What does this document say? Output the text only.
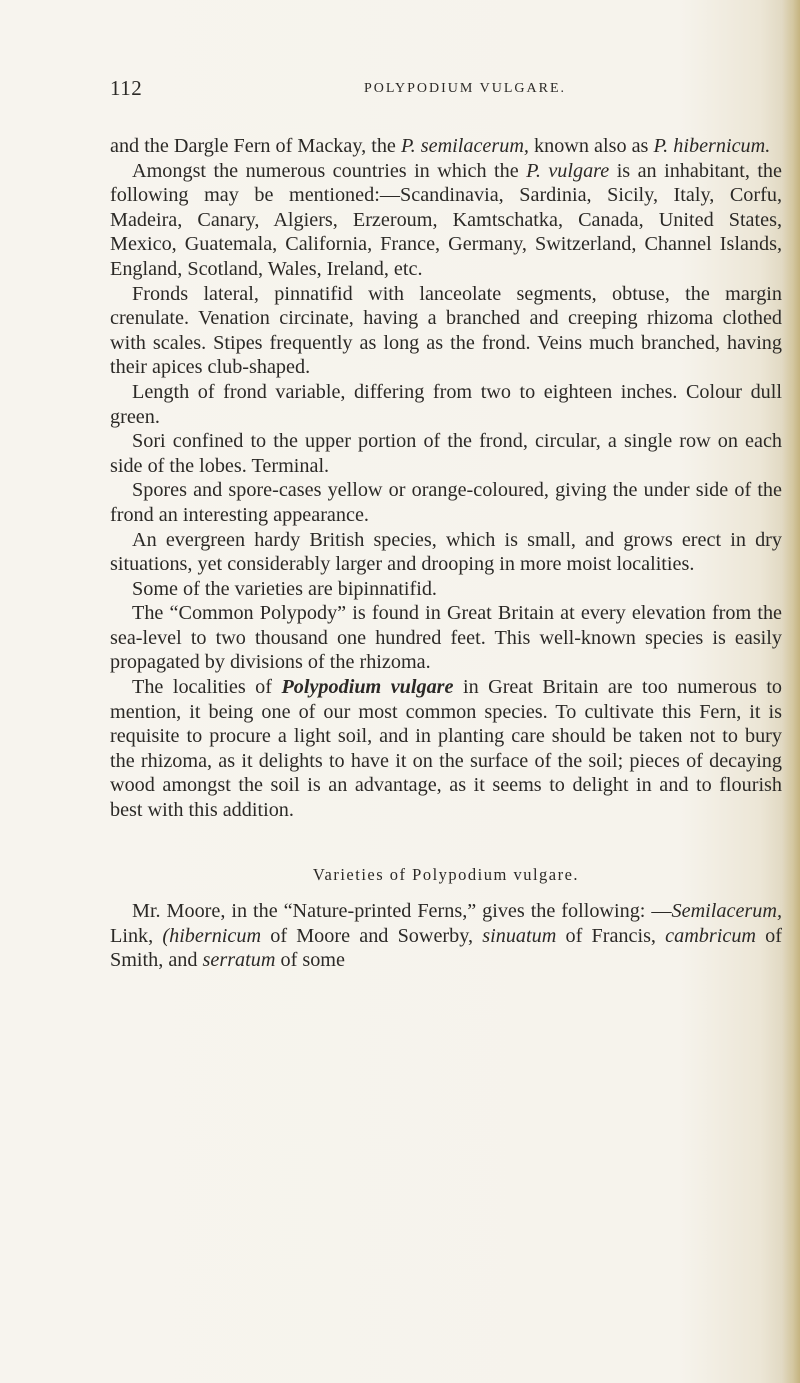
112	POLYPODIUM VULGARE.

and the Dargle Fern of Mackay, the P. semilacerum, known also as P. hibernicum.

Amongst the numerous countries in which the P. vulgare is an inhabitant, the following may be mentioned:—Scandinavia, Sardinia, Sicily, Italy, Corfu, Madeira, Canary, Algiers, Erzeroum, Kamtschatka, Canada, United States, Mexico, Guatemala, California, France, Germany, Switzerland, Channel Islands, England, Scotland, Wales, Ireland, etc.

Fronds lateral, pinnatifid with lanceolate segments, obtuse, the margin crenulate. Venation circinate, having a branched and creeping rhizoma clothed with scales. Stipes frequently as long as the frond. Veins much branched, having their apices club-shaped.

Length of frond variable, differing from two to eighteen inches. Colour dull green.

Sori confined to the upper portion of the frond, circular, a single row on each side of the lobes. Terminal.

Spores and spore-cases yellow or orange-coloured, giving the under side of the frond an interesting appearance.

An evergreen hardy British species, which is small, and grows erect in dry situations, yet considerably larger and drooping in more moist localities.

Some of the varieties are bipinnatifid.

The “Common Polypody” is found in Great Britain at every elevation from the sea-level to two thousand one hundred feet. This well-known species is easily propagated by divisions of the rhizoma.

The localities of Polypodium vulgare in Great Britain are too numerous to mention, it being one of our most common species. To cultivate this Fern, it is requisite to procure a light soil, and in planting care should be taken not to bury the rhizoma, as it delights to have it on the surface of the soil; pieces of decaying wood amongst the soil is an advantage, as it seems to delight in and to flourish best with this addition.

Varieties of Polypodium vulgare.

Mr. Moore, in the “Nature-printed Ferns,” gives the following: —Semilacerum, Link, (hibernicum of Moore and Sowerby, sinuatum of Francis, cambricum of Smith, and serratum of some
